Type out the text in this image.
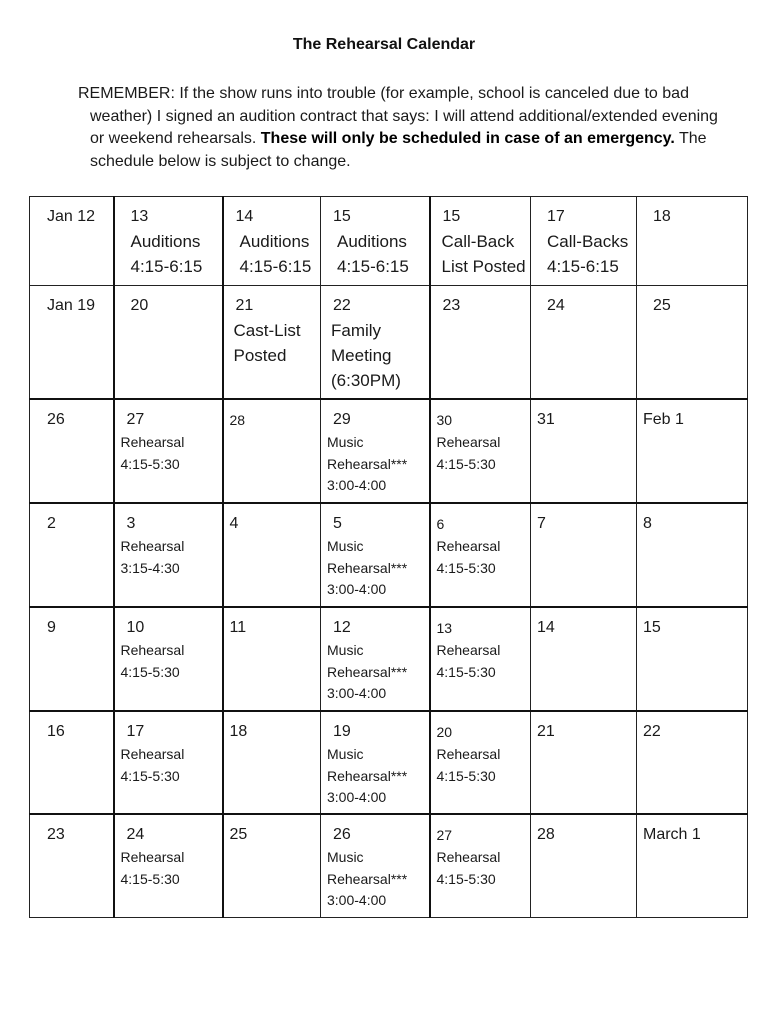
The Rehearsal Calendar
REMEMBER: If the show runs into trouble (for example, school is canceled due to bad weather) I signed an audition contract that says: I will attend additional/extended evening or weekend rehearsals. These will only be scheduled in case of an emergency. The schedule below is subject to change.
Jan 12	13
Auditions
4:15-6:15	14
Auditions
4:15-6:15	15
Auditions
4:15-6:15	15
Call-Back
List Posted	17
Call-Backs
4:15-6:15	18

Jan 19	20	21
Cast-List
Posted	22
Family
Meeting
(6:30PM)	23	24	25

26	27
Rehearsal
4:15-5:30	28	29
Music
Rehearsal***
3:00-4:00	30
Rehearsal
4:15-5:30	31	Feb 1

2	3
Rehearsal
3:15-4:30	4	5
Music
Rehearsal***
3:00-4:00	6
Rehearsal
4:15-5:30	7	8

9	10
Rehearsal
4:15-5:30	11	12
Music
Rehearsal***
3:00-4:00	13
Rehearsal
4:15-5:30	14	15

16	17
Rehearsal
4:15-5:30	18	19
Music
Rehearsal***
3:00-4:00	20
Rehearsal
4:15-5:30	21	22

23	24
Rehearsal
4:15-5:30	25	26
Music
Rehearsal***
3:00-4:00	27
Rehearsal
4:15-5:30	28	March 1
